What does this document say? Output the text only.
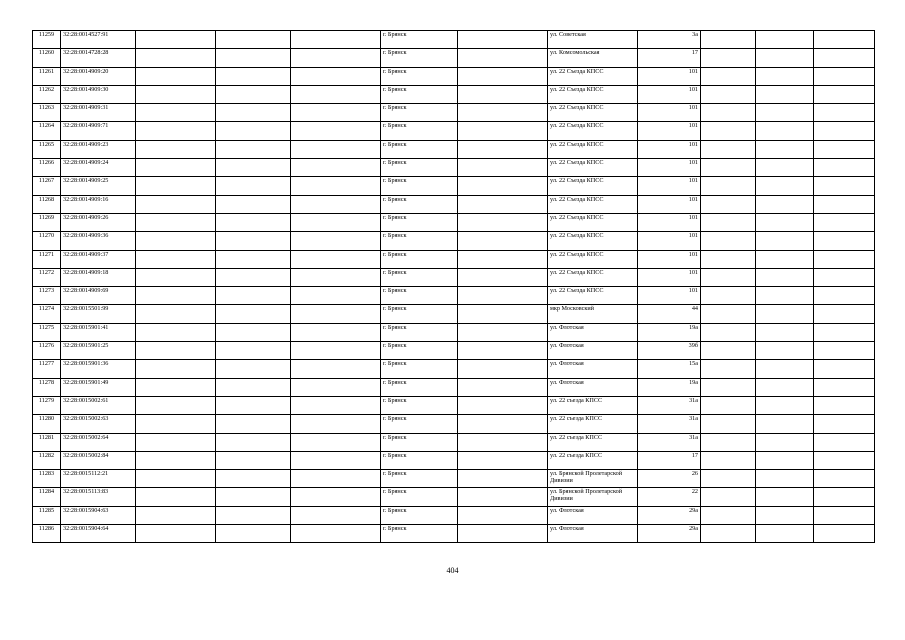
11259	32:28:0014527:91				г. Брянск		ул. Советская	3а			
11260	32:28:0014728:28				г. Брянск		ул. Комсомольская	17			
11261	32:28:0014909:20				г. Брянск		ул. 22 Съезда КПСС	101			
11262	32:28:0014909:30				г. Брянск		ул. 22 Съезда КПСС	101			
11263	32:28:0014909:31				г. Брянск		ул. 22 Съезда КПСС	101			
11264	32:28:0014909:71				г. Брянск		ул. 22 Съезда КПСС	101			
11265	32:28:0014909:23				г. Брянск		ул. 22 Съезда КПСС	101			
11266	32:28:0014909:24				г. Брянск		ул. 22 Съезда КПСС	101			
11267	32:28:0014909:25				г. Брянск		ул. 22 Съезда КПСС	101			
11268	32:28:0014909:16				г. Брянск		ул. 22 Съезда КПСС	101			
11269	32:28:0014909:26				г. Брянск		ул. 22 Съезда КПСС	101			
11270	32:28:0014909:36				г. Брянск		ул. 22 Съезда КПСС	101			
11271	32:28:0014909:37				г. Брянск		ул. 22 Съезда КПСС	101			
11272	32:28:0014909:18				г. Брянск		ул. 22 Съезда КПСС	101			
11273	32:28:0014909:69				г. Брянск		ул. 22 Съезда КПСС	101			
11274	32:28:0015501:99				г. Брянск		мкр Московский	44			
11275	32:28:0015901:41				г. Брянск		ул. Флотская	19а			
11276	32:28:0015901:25				г. Брянск		ул. Флотская	39б			
11277	32:28:0015901:36				г. Брянск		ул. Флотская	15а			
11278	32:28:0015901:49				г. Брянск		ул. Флотская	19а			
11279	32:28:0015002:61				г. Брянск		ул. 22 съезда КПСС	31а			
11280	32:28:0015002:63				г. Брянск		ул. 22 съезда КПСС	31а			
11281	32:28:0015002:64				г. Брянск		ул. 22 съезда КПСС	31а			
11282	32:28:0015002:84				г. Брянск		ул. 22 съезда КПСС	17			
11283	32:28:0015112:21				г. Брянск		ул. Брянской Пролетарской Дивизии	26			
11284	32:28:0015113:83				г. Брянск		ул. Брянской Пролетарской Дивизии	22			
11285	32:28:0015904:63				г. Брянск		ул. Флотская	29а			
11286	32:28:0015904:64				г. Брянск		ул. Флотская	29а			
404
